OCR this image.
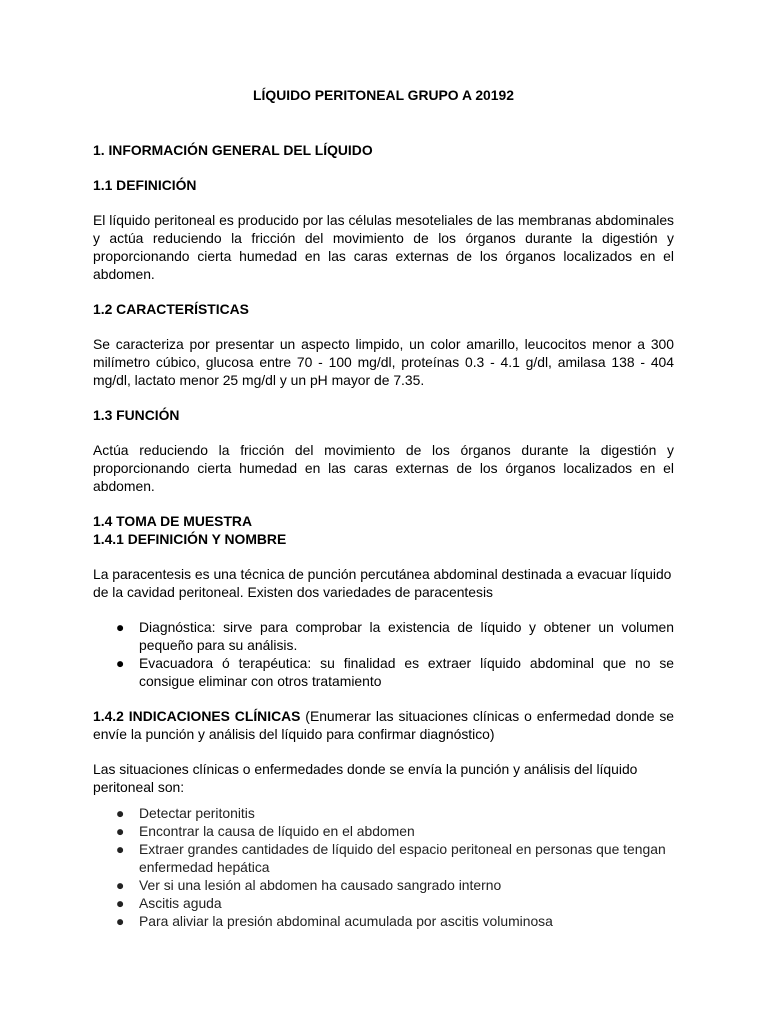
LÍQUIDO PERITONEAL GRUPO A 20192
1. INFORMACIÓN GENERAL DEL LÍQUIDO
1.1 DEFINICIÓN

El líquido peritoneal es producido por las células mesoteliales de las membranas abdominales y actúa reduciendo la fricción del movimiento de los órganos durante la digestión y proporcionando cierta humedad en las caras externas de los órganos localizados en el abdomen.

1.2 CARACTERÍSTICAS

Se caracteriza por presentar un aspecto limpido, un color amarillo, leucocitos menor a 300 milímetro cúbico, glucosa entre 70 - 100 mg/dl, proteínas 0.3 - 4.1 g/dl, amilasa 138 - 404 mg/dl, lactato menor 25 mg/dl y un pH mayor de 7.35.

1.3 FUNCIÓN

Actúa reduciendo la fricción del movimiento de los órganos durante la digestión y proporcionando cierta humedad en las caras externas de los órganos localizados en el abdomen.

1.4 TOMA DE MUESTRA
1.4.1 DEFINICIÓN Y NOMBRE

La paracentesis es una técnica de punción percutánea abdominal destinada a evacuar líquido de la cavidad peritoneal. Existen dos variedades de paracentesis

● Diagnóstica: sirve para comprobar la existencia de líquido y obtener un volumen pequeño para su análisis.
● Evacuadora ó terapéutica: su finalidad es extraer líquido abdominal que no se consigue eliminar con otros tratamiento

1.4.2 INDICACIONES CLÍNICAS (Enumerar las situaciones clínicas o enfermedad donde se envíe la punción y análisis del líquido para confirmar diagnóstico)

Las situaciones clínicas o enfermedades donde se envía la punción y análisis del líquido peritoneal son:

● Detectar peritonitis
● Encontrar la causa de líquido en el abdomen
● Extraer grandes cantidades de líquido del espacio peritoneal en personas que tengan enfermedad hepática
● Ver si una lesión al abdomen ha causado sangrado interno
● Ascitis aguda
● Para aliviar la presión abdominal acumulada por ascitis voluminosa
